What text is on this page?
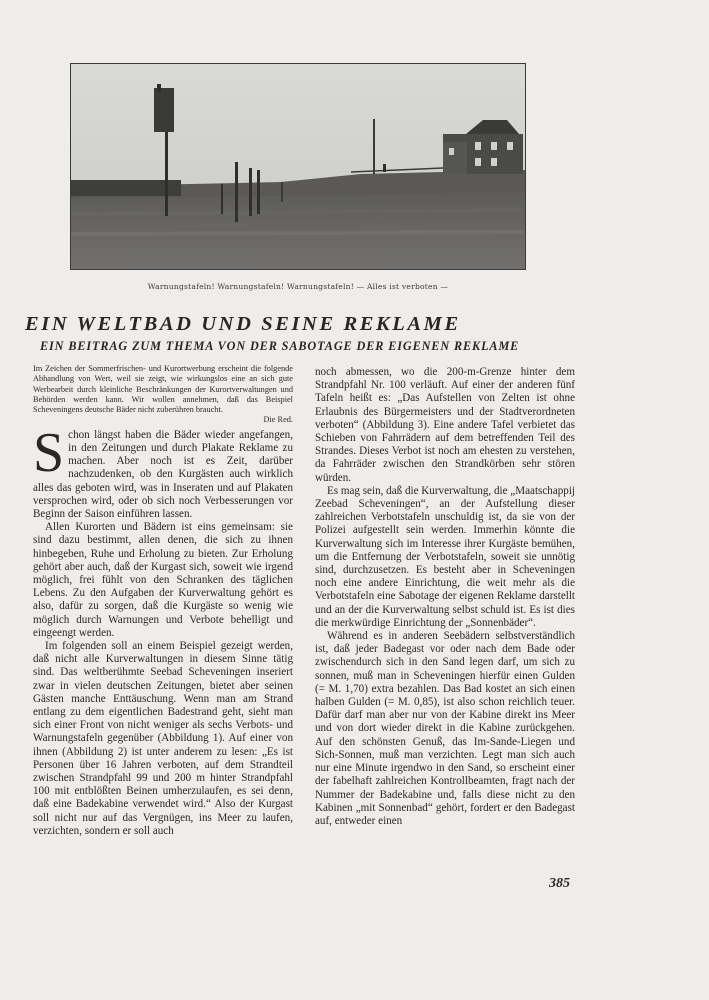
Warnungstafeln! Warnungstafeln! Warnungstafeln! — Alles ist verboten —
EIN WELTBAD UND SEINE REKLAME
EIN BEITRAG ZUM THEMA VON DER SABOTAGE DER EIGENEN REKLAME
Im Zeichen der Sommerfrischen- und Kurortwerbung erscheint die folgende Abhandlung von Wert, weil sie zeigt, wie wirkungslos eine an sich gute Werbearbeit durch kleinliche Beschränkungen der Kurortverwaltungen und Behörden werden kann. Wir wollen annehmen, daß das Beispiel Scheveningens deutsche Bäder nicht zuberühren braucht.
Die Red.

Schon längst haben die Bäder wieder angefangen, in den Zeitungen und durch Plakate Reklame zu machen. Aber noch ist es Zeit, darüber nachzudenken, ob den Kurgästen auch wirklich alles das geboten wird, was in Inseraten und auf Plakaten versprochen wird, oder ob sich noch Verbesserungen vor Beginn der Saison einführen lassen.

Allen Kurorten und Bädern ist eins gemeinsam: sie sind dazu bestimmt, allen denen, die sich zu ihnen hinbegeben, Ruhe und Erholung zu bieten. Zur Erholung gehört aber auch, daß der Kurgast sich, soweit wie irgend möglich, frei fühlt von den Schranken des täglichen Lebens. Zu den Aufgaben der Kurverwaltung gehört es also, dafür zu sorgen, daß die Kurgäste so wenig wie möglich durch Warnungen und Verbote behelligt und eingeengt werden.

Im folgenden soll an einem Beispiel gezeigt werden, daß nicht alle Kurverwaltungen in diesem Sinne tätig sind. Das weltberühmte Seebad Scheveningen inseriert zwar in vielen deutschen Zeitungen, bietet aber seinen Gästen manche Enttäuschung. Wenn man am Strand entlang zu dem eigentlichen Badestrand geht, sieht man sich einer Front von nicht weniger als sechs Verbots- und Warnungstafeln gegenüber (Abbildung 1). Auf einer von ihnen (Abbildung 2) ist unter anderem zu lesen: „Es ist Personen über 16 Jahren verboten, auf dem Strandteil zwischen Strandpfahl 99 und 200 m hinter Strandpfahl 100 mit entblößten Beinen umherzulaufen, es sei denn, daß eine Badekabine verwendet wird.“ Also der Kurgast soll nicht nur auf das Vergnügen, ins Meer zu laufen, verzichten, sondern er soll auch

noch abmessen, wo die 200-m-Grenze hinter dem Strandpfahl Nr. 100 verläuft. Auf einer der anderen fünf Tafeln heißt es: „Das Aufstellen von Zelten ist ohne Erlaubnis des Bürgermeisters und der Stadtverordneten verboten“ (Abbildung 3). Eine andere Tafel verbietet das Schieben von Fahrrädern auf dem betreffenden Teil des Strandes. Dieses Verbot ist noch am ehesten zu verstehen, da Fahrräder zwischen den Strandkörben sehr stören würden.

Es mag sein, daß die Kurverwaltung, die „Maatschappij Zeebad Scheveningen“, an der Aufstellung dieser zahlreichen Verbotstafeln unschuldig ist, da sie von der Polizei aufgestellt sein werden. Immerhin könnte die Kurverwaltung sich im Interesse ihrer Kurgäste bemühen, um die Entfernung der Verbotstafeln, soweit sie unnötig sind, durchzusetzen. Es besteht aber in Scheveningen noch eine andere Einrichtung, die weit mehr als die Verbotstafeln eine Sabotage der eigenen Reklame darstellt und an der die Kurverwaltung selbst schuld ist. Es ist dies die merkwürdige Einrichtung der „Sonnenbäder“.

Während es in anderen Seebädern selbstverständlich ist, daß jeder Badegast vor oder nach dem Bade oder zwischendurch sich in den Sand legen darf, um sich zu sonnen, muß man in Scheveningen hierfür einen Gulden (= M. 1,70) extra bezahlen. Das Bad kostet an sich einen halben Gulden (= M. 0,85), ist also schon reichlich teuer. Dafür darf man aber nur von der Kabine direkt ins Meer und von dort wieder direkt in die Kabine zurückgehen. Auf den schönsten Genuß, das Im-Sande-Liegen und Sich-Sonnen, muß man verzichten. Legt man sich auch nur eine Minute irgendwo in den Sand, so erscheint einer der fabelhaft zahlreichen Kontrollbeamten, fragt nach der Nummer der Badekabine und, falls diese nicht zu den Kabinen „mit Sonnenbad“ gehört, fordert er den Badegast auf, entweder einen

385
